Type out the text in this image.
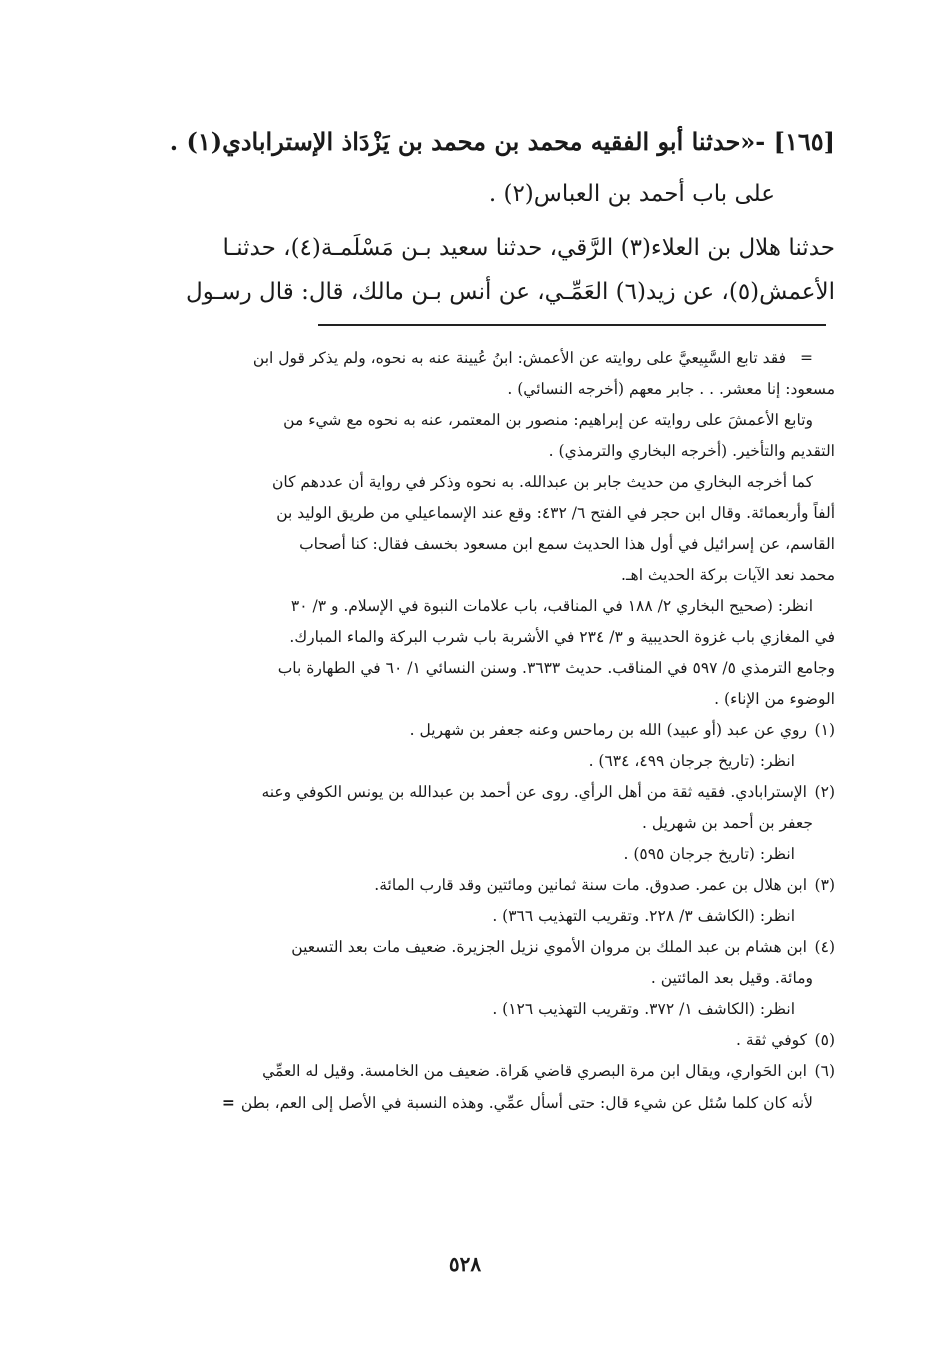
[١٦٥] -«حدثنا أبو الفقيه محمد بن محمد بن يَزْدَاذ الإسترابادي(١) .
على باب أحمد بن العباس(٢) .
حدثنا هلال بن العلاء(٣) الرَّقي، حدثنا سعيد بـن مَسْلَمـة(٤)، حدثنـا
الأعمش(٥)، عن زيد(٦) العَمِّـي، عن أنس بـن مالك، قال: قال رسـول
=فقد تابع السَّبِيعيَّ على روايته عن الأعمش: ابنُ عُيينة عنه به نحوه، ولم يذكر قول ابن
مسعود: إنا معشر. . . جابر معهم (أخرجه النسائي) .
وتابع الأعمشَ على روايته عن إبراهيم: منصور بن المعتمر، عنه به نحوه مع شيء من
التقديم والتأخير. (أخرجه البخاري والترمذي) .
كما أخرجه البخاري من حديث جابر بن عبدالله. به نحوه وذكر في رواية أن عددهم كان
ألفاً وأربعمائة. وقال ابن حجر في الفتح ٦/ ٤٣٢: وقع عند الإسماعيلي من طريق الوليد بن
القاسم، عن إسرائيل في أول هذا الحديث سمع ابن مسعود بخسف فقال: كنا أصحاب
محمد نعد الآيات بركة الحديث اهـ.
انظر: (صحيح البخاري ٢/ ١٨٨ في المناقب، باب علامات النبوة في الإسلام. و ٣/ ٣٠
في المغازي باب غزوة الحديبية و ٣/ ٢٣٤ في الأشربة باب شرب البركة والماء المبارك.
وجامع الترمذي ٥/ ٥٩٧ في المناقب. حديث ٣٦٣٣. وسنن النسائي ١/ ٦٠ في الطهارة باب
الوضوء من الإناء) .
(١)روي عن عبد (أو عبيد) الله بن رماحس وعنه جعفر بن شهريل .
انظر: (تاريخ جرجان ٤٩٩، ٦٣٤) .
(٢)الإسترابادي. فقيه ثقة من أهل الرأي. روى عن أحمد بن عبدالله بن يونس الكوفي وعنه
جعفر بن أحمد بن شهريل .
انظر: (تاريخ جرجان ٥٩٥) .
(٣)ابن هلال بن عمر. صدوق. مات سنة ثمانين ومائتين وقد قارب المائة.
انظر: (الكاشف ٣/ ٢٢٨. وتقريب التهذيب ٣٦٦) .
(٤)ابن هشام بن عبد الملك بن مروان الأموي نزيل الجزيرة. ضعيف مات بعد التسعين
ومائة. وقيل بعد المائتين .
انظر: (الكاشف ١/ ٣٧٢. وتقريب التهذيب ١٢٦) .
(٥)كوفي ثقة .
(٦)ابن الحَواري، ويقال ابن مرة البصري قاضي هَراة. ضعيف من الخامسة. وقيل له العمِّي
لأنه كان كلما سُئل عن شيء قال: حتى أسأل عمِّي. وهذه النسبة في الأصل إلى العم، بطن=
٥٢٨
